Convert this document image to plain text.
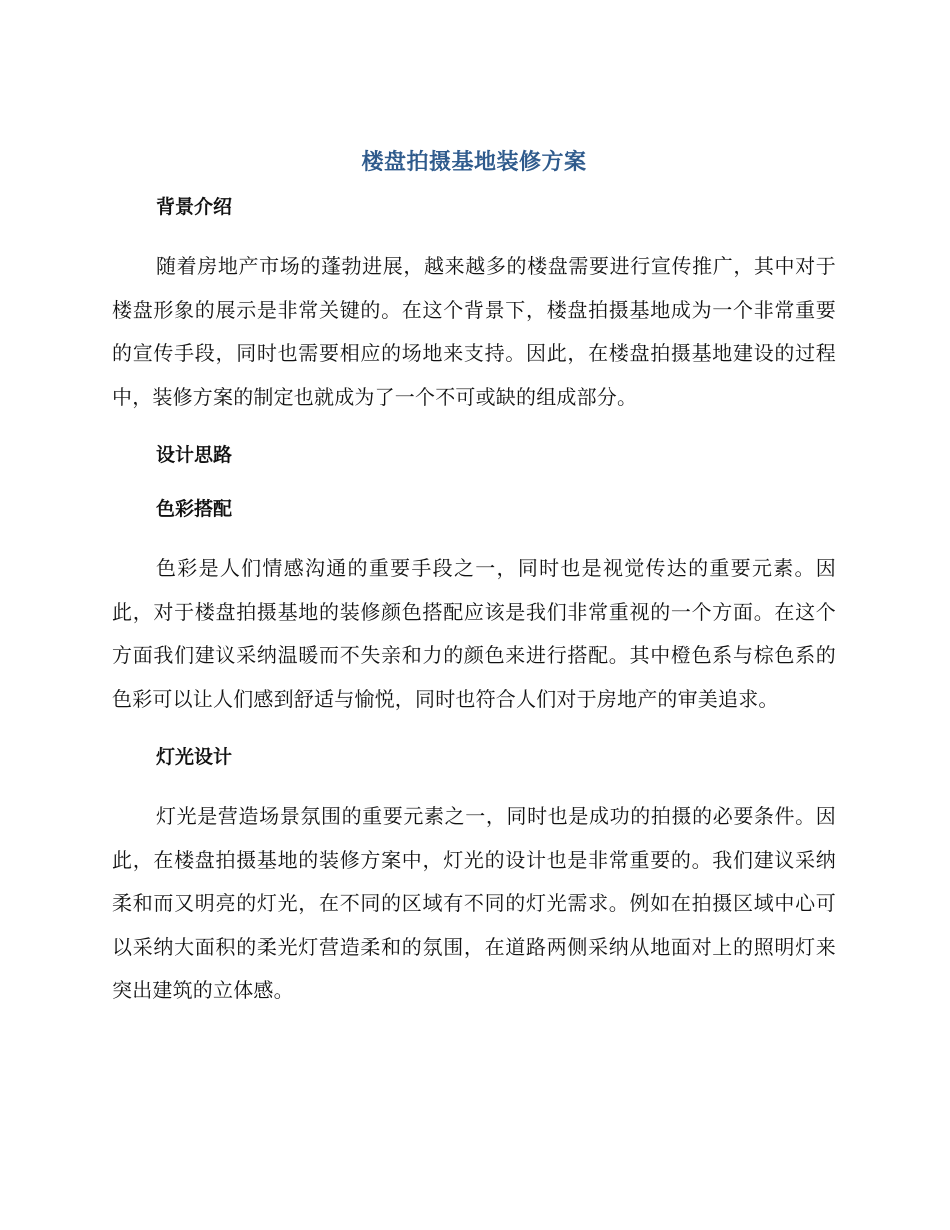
楼盘拍摄基地装修方案
背景介绍

随着房地产市场的蓬勃进展，越来越多的楼盘需要进行宣传推广，其中对于楼盘形象的展示是非常关键的。在这个背景下，楼盘拍摄基地成为一个非常重要的宣传手段，同时也需要相应的场地来支持。因此，在楼盘拍摄基地建设的过程中，装修方案的制定也就成为了一个不可或缺的组成部分。

设计思路
色彩搭配

色彩是人们情感沟通的重要手段之一，同时也是视觉传达的重要元素。因此，对于楼盘拍摄基地的装修颜色搭配应该是我们非常重视的一个方面。在这个方面我们建议采纳温暖而不失亲和力的颜色来进行搭配。其中橙色系与棕色系的色彩可以让人们感到舒适与愉悦，同时也符合人们对于房地产的审美追求。

灯光设计

灯光是营造场景氛围的重要元素之一，同时也是成功的拍摄的必要条件。因此，在楼盘拍摄基地的装修方案中，灯光的设计也是非常重要的。我们建议采纳柔和而又明亮的灯光，在不同的区域有不同的灯光需求。例如在拍摄区域中心可以采纳大面积的柔光灯营造柔和的氛围，在道路两侧采纳从地面对上的照明灯来突出建筑的立体感。
